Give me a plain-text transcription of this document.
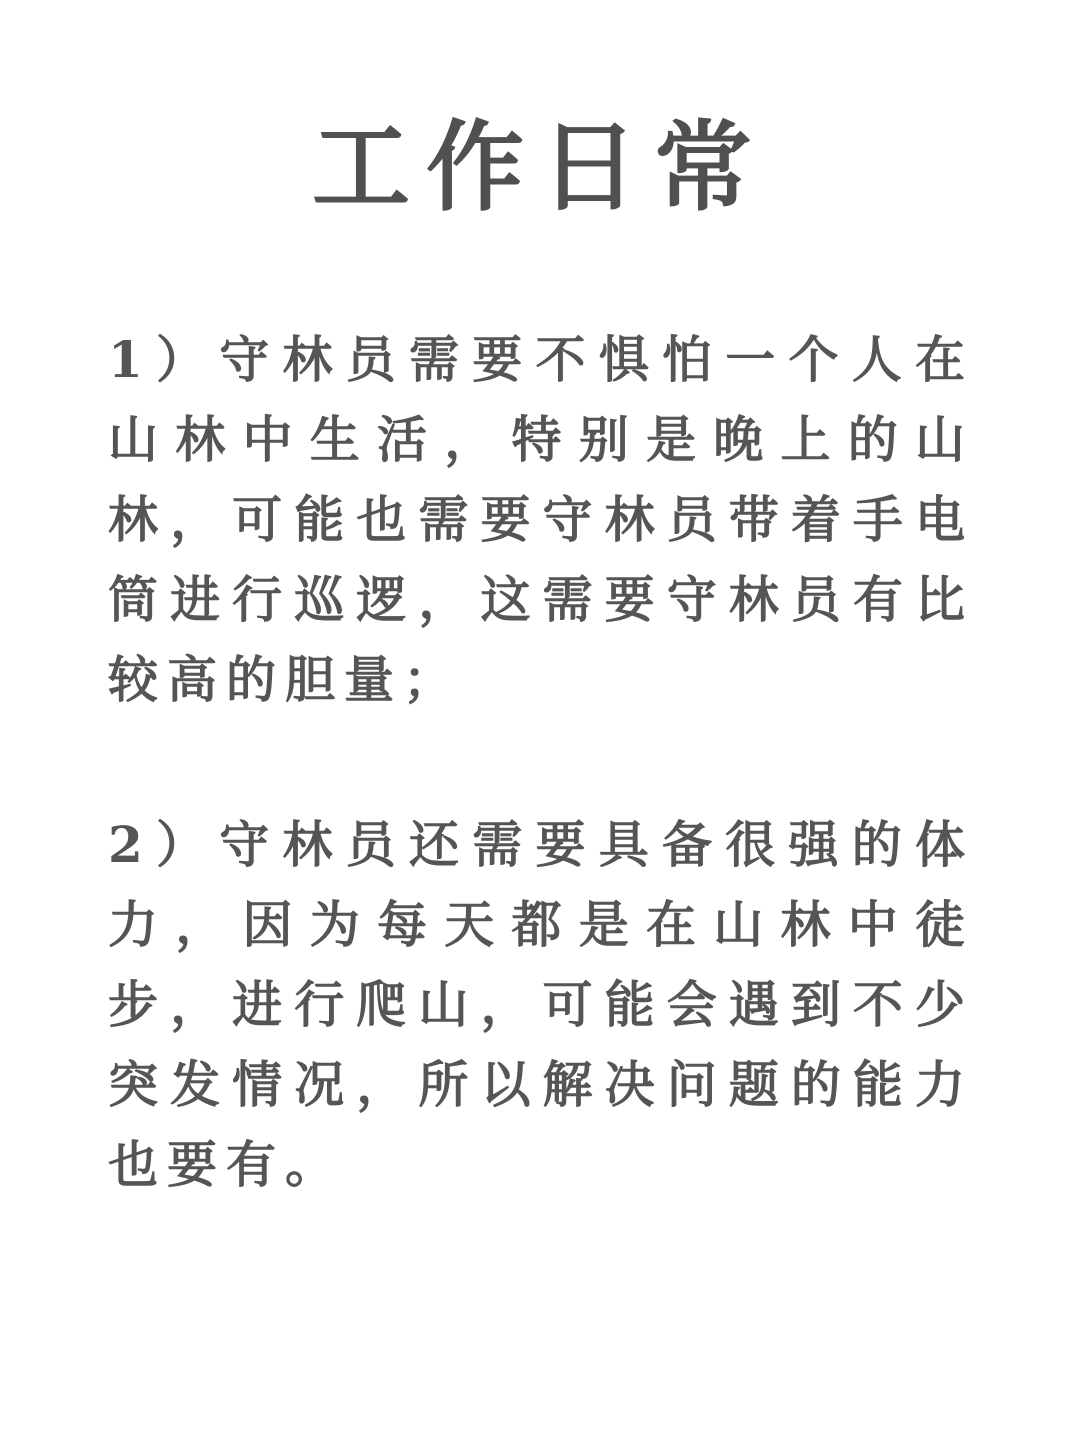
工作日常

1）守林员需要不惧怕一个人在山林中生活，特别是晚上的山林，可能也需要守林员带着手电筒进行巡逻，这需要守林员有比较高的胆量；

2）守林员还需要具备很强的体力，因为每天都是在山林中徒步，进行爬山，可能会遇到不少突发情况，所以解决问题的能力也要有。
